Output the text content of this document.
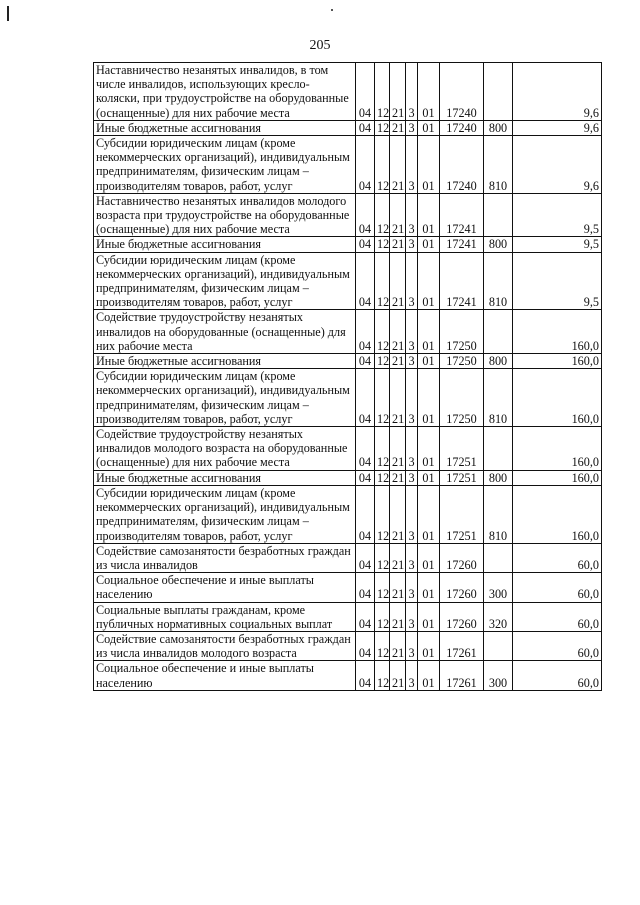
205
Наставничество незанятых инвалидов, в том числе инвалидов, использующих кресло-коляски, при трудоустройстве на оборудованные (оснащенные) для них рабочие места	04	12	21	3	01	17240		9,6
Иные бюджетные ассигнования	04	12	21	3	01	17240	800	9,6
Субсидии юридическим лицам (кроме некоммерческих организаций), индивидуальным предпринимателям, физическим лицам – производителям товаров, работ, услуг	04	12	21	3	01	17240	810	9,6
Наставничество незанятых инвалидов молодого возраста при трудоустройстве на оборудованные (оснащенные) для них рабочие места	04	12	21	3	01	17241		9,5
Иные бюджетные ассигнования	04	12	21	3	01	17241	800	9,5
Субсидии юридическим лицам (кроме некоммерческих организаций), индивидуальным предпринимателям, физическим лицам – производителям товаров, работ, услуг	04	12	21	3	01	17241	810	9,5
Содействие трудоустройству незанятых инвалидов на оборудованные (оснащенные) для них рабочие места	04	12	21	3	01	17250		160,0
Иные бюджетные ассигнования	04	12	21	3	01	17250	800	160,0
Субсидии юридическим лицам (кроме некоммерческих организаций), индивидуальным предпринимателям, физическим лицам – производителям товаров, работ, услуг	04	12	21	3	01	17250	810	160,0
Содействие трудоустройству незанятых инвалидов молодого возраста на оборудованные (оснащенные) для них рабочие места	04	12	21	3	01	17251		160,0
Иные бюджетные ассигнования	04	12	21	3	01	17251	800	160,0
Субсидии юридическим лицам (кроме некоммерческих организаций), индивидуальным предпринимателям, физическим лицам – производителям товаров, работ, услуг	04	12	21	3	01	17251	810	160,0
Содействие самозанятости безработных граждан из числа инвалидов	04	12	21	3	01	17260		60,0
Социальное обеспечение и иные выплаты населению	04	12	21	3	01	17260	300	60,0
Социальные выплаты гражданам, кроме публичных нормативных социальных выплат	04	12	21	3	01	17260	320	60,0
Содействие самозанятости безработных граждан из числа инвалидов молодого возраста	04	12	21	3	01	17261		60,0
Социальное обеспечение и иные выплаты населению	04	12	21	3	01	17261	300	60,0
